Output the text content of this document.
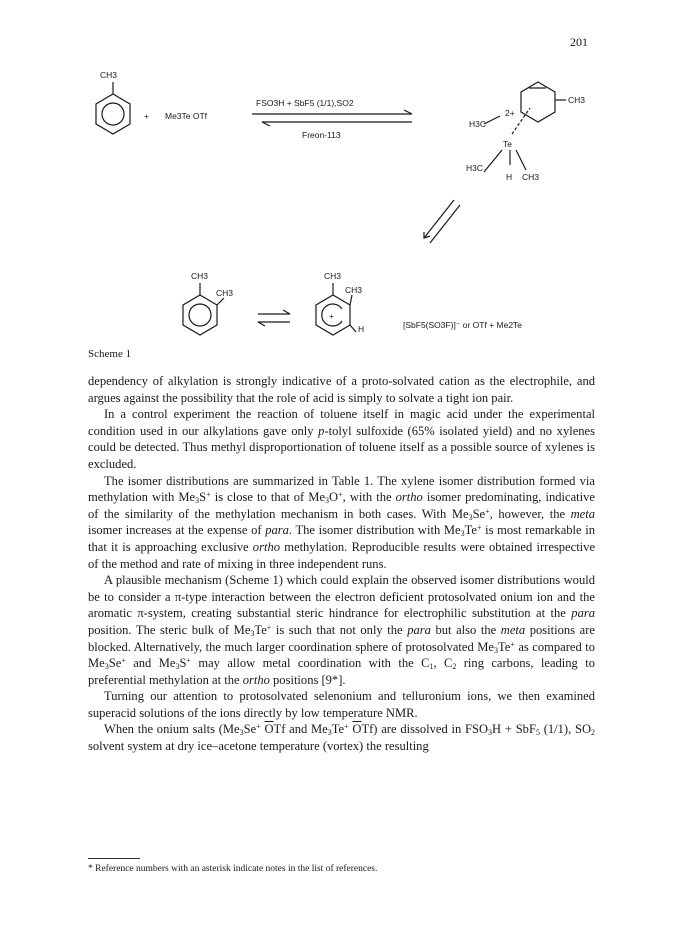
201
CH3
+ Me3Te OTf
FSO3H + SbF5 (1/1),SO2
Freon-113
H3C
2+
Te
CH3
H3C
CH3
H
CH3
CH3
CH3
CH3
+
H	[SbF5(SO3F)]⁻ or OTf + Me2Te
Scheme 1

dependency of alkylation is strongly indicative of a proto-solvated cation as the electrophile, and argues against the possibility that the role of acid is simply to solvate a tight ion pair.

In a control experiment the reaction of toluene itself in magic acid under the experimental condition used in our alkylations gave only p-tolyl sulfoxide (65% isolated yield) and no xylenes could be detected. Thus methyl disproportionation of toluene itself as a possible source of xylenes is excluded.

The isomer distributions are summarized in Table 1. The xylene isomer distribution formed via methylation with $Me_3S^+$ is close to that of $Me_3O^+$, with the ortho isomer predominating, indicative of the similarity of the methylation mechanism in both cases. With $Me_3Se^+$, however, the meta isomer increases at the expense of para. The isomer distribution with $Me_3Te^+$ is most remarkable in that it is approaching exclusive ortho methylation. Reproducible results were obtained irrespective of the method and rate of mixing in three independent runs.

A plausible mechanism (Scheme 1) which could explain the observed isomer distributions would be to consider a π-type interaction between the electron deficient protosolvated onium ion and the aromatic π-system, creating substantial steric hindrance for electrophilic substitution at the para position. The steric bulk of $Me_3Te^+$ is such that not only the para but also the meta positions are blocked. Alternatively, the much larger coordination sphere of protosolvated $Me_3Te^+$ as compared to $Me_3Se^+$ and $Me_3S^+$ may allow metal coordination with the $C_1$, $C_2$ ring carbons, leading to preferential methylation at the ortho positions [9*].

Turning our attention to protosolvated selenonium and telluronium ions, we then examined superacid solutions of the ions directly by low temperature NMR.

When the onium salts ($Me_3Se^+$ $\overline{O}Tf$ and $Me_3Te^+$ $\overline{O}Tf$) are dissolved in $FSO_3H + SbF_5$ (1/1), $SO_2$ solvent system at dry ice–acetone temperature (vortex) the resulting

* Reference numbers with an asterisk indicate notes in the list of references.
